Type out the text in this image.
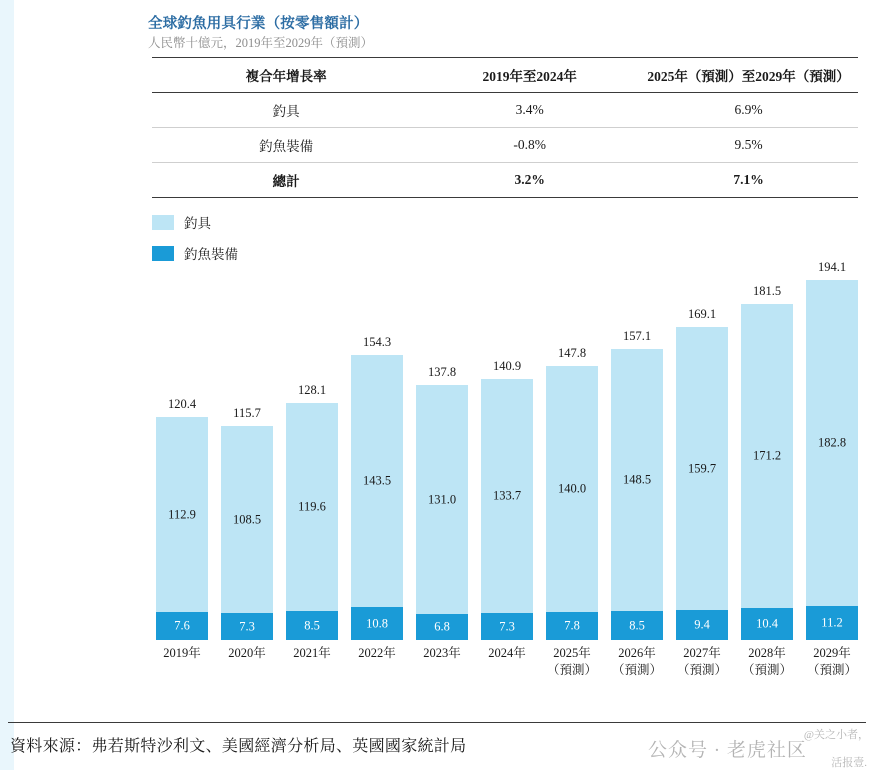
全球釣魚用具行業（按零售額計）
人民幣十億元，2019年至2029年（預測）
複合年增長率	2019年至2024年	2025年（預測）至2029年（預測）
釣具	3.4%	6.9%
釣魚裝備	-0.8%	9.5%
總計	3.2%	7.1%
釣具
釣魚裝備
120.4
112.9
7.6
115.7
108.5
7.3
128.1
119.6
8.5
154.3
143.5
10.8
137.8
131.0
6.8
140.9
133.7
7.3
147.8
140.0
7.8
157.1
148.5
8.5
169.1
159.7
9.4
181.5
171.2
10.4
194.1
182.8
11.2
2019年	2020年	2021年	2022年	2023年	2024年	2025年
（預測）
2026年
（預測）
2027年
（預測）
2028年
（預測）
2029年
（預測）
資料來源：弗若斯特沙利文、美國經濟分析局、英國國家統計局	公众号 · 老虎社区
@关之小者，
活报壹.
